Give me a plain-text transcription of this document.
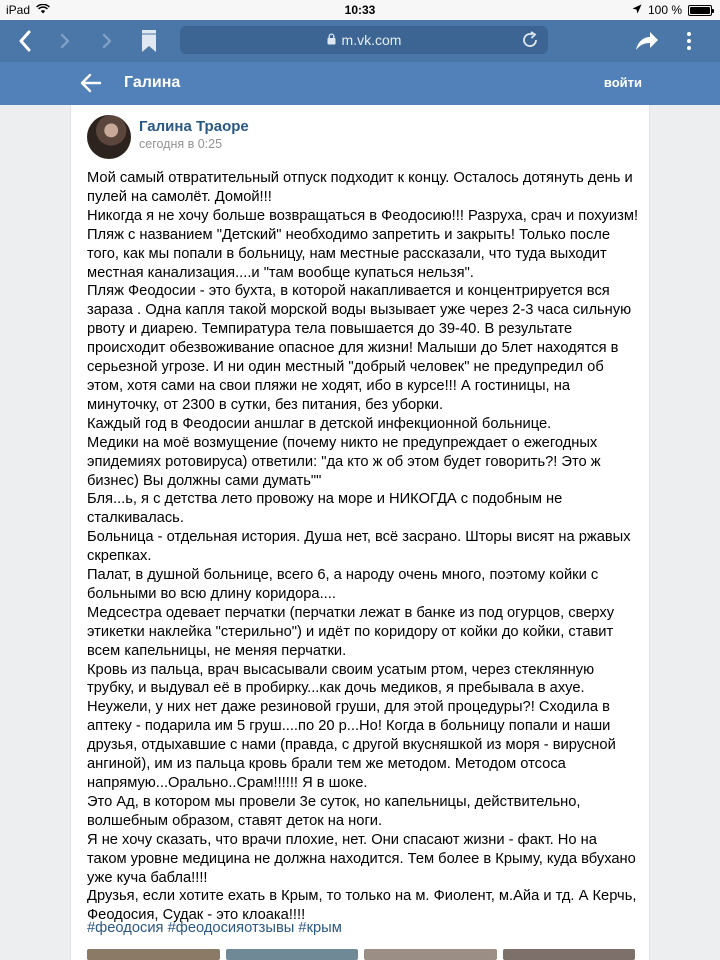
iPad	10:33	100 %
m.vk.com
Галина	войти
Галина Траоре
сегодня в 0:25

Мой самый отвратительный отпуск подходит к концу. Осталось дотянуть день и

пулей на самолёт. Домой!!!

Никогда я не хочу больше возвращаться в Феодосию!!! Разруха, срач и похуизм!

Пляж с названием "Детский" необходимо запретить и закрыть! Только после

того, как мы попали в больницу, нам местные рассказали, что туда выходит

местная канализация....и "там вообще купаться нельзя".

Пляж Феодосии - это бухта, в которой накапливается и концентрируется вся

зараза . Одна капля такой морской воды вызывает уже через 2-3 часа сильную

рвоту и диарею. Темпиратура тела повышается до 39-40. В результате

происходит обезвоживание опасное для жизни! Малыши до 5лет находятся в

серьезной угрозе. И ни один местный "добрый человек" не предупредил об

этом, хотя сами на свои пляжи не ходят, ибо в курсе!!! А гостиницы, на

минуточку, от 2300 в сутки, без питания, без уборки.

Каждый год в Феодосии аншлаг в детской инфекционной больнице.

Медики на моё возмущение (почему никто не предупреждает о ежегодных

эпидемиях ротовируса) ответили: "да кто ж об этом будет говорить?! Это ж

бизнес) Вы должны сами думать""

Бля...ь, я с детства лето провожу на море и НИКОГДА с подобным не

сталкивалась.

Больница - отдельная история. Душа нет, всё засрано. Шторы висят на ржавых

скрепках.

Палат, в душной больнице, всего 6, а народу очень много, поэтому койки с

больными во всю длину коридора....

Медсестра одевает перчатки (перчатки лежат в банке из под огурцов, сверху

этикетки наклейка "стерильно") и идёт по коридору от койки до койки, ставит

всем капельницы, не меняя перчатки.

Кровь из пальца, врач высасывали своим усатым ртом, через стеклянную

трубку, и выдувал её в пробирку...как дочь медиков, я пребывала в ахуе.

Неужели, у них нет даже резиновой груши, для этой процедуры?! Сходила в

аптеку - подарила им 5 груш....по 20 р...Но! Когда в больницу попали и наши

друзья, отдыхавшие с нами (правда, с другой вкусняшкой из моря - вирусной

ангиной), им из пальца кровь брали тем же методом. Методом отсоса

напрямую...Орально..Срам!!!!!! Я в шоке.

Это Ад, в котором мы провели 3е суток, но капельницы, действительно,

волшебным образом, ставят деток на ноги.

Я не хочу сказать, что врачи плохие, нет. Они спасают жизни - факт. Но на

таком уровне медицина не должна находится. Тем более в Крыму, куда вбухано

уже куча бабла!!!!

Друзья, если хотите ехать в Крым, то только на м. Фиолент, м.Айа и тд. А Керчь,

Феодосия, Судак - это клоака!!!!

#феодосия #феодосияотзывы #крым
